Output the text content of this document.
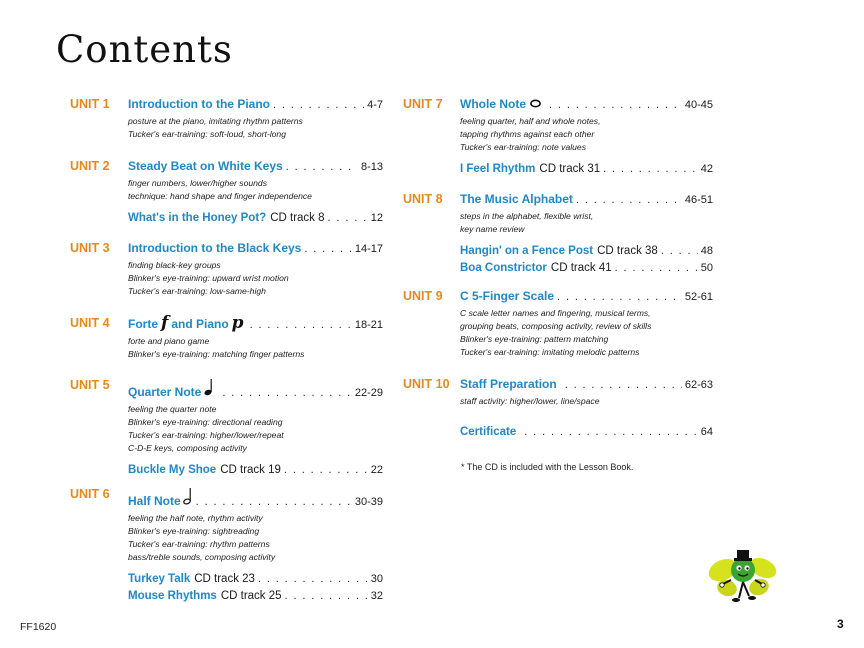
Contents
UNIT 1 Introduction to the Piano . . .	4-7
posture at the piano, imitating rhythm patterns
Tucker's ear-training: soft-loud, short-long
UNIT 2 Steady Beat on White Keys . . .	8-13
finger numbers, lower/higher sounds
technique: hand shape and finger independence
What's in the Honey Pot? CD track 8 . . .	12
UNIT 3 Introduction to the Black Keys . . .	14-17
finding black-key groups
Blinker's eye-training: upward wrist motion
Tucker's ear-training: low-same-high
UNIT 4 Forte f and Piano p . . .	18-21
forte and piano game
Blinker's eye-training: matching finger patterns
UNIT 5 Quarter Note . . .	22-29
feeling the quarter note
Blinker's eye-training: directional reading
Tucker's ear-training: higher/lower/repeat
C-D-E keys, composing activity
Buckle My Shoe CD track 19 . . .	22
UNIT 6 Half Note . . .	30-39
feeling the half note, rhythm activity
Blinker's eye-training: sightreading
Tucker's ear-training: rhythm patterns
bass/treble sounds, composing activity
Turkey Talk CD track 23 . . .	30
Mouse Rhythms CD track 25 . . .	32
UNIT 7 Whole Note . . .	40-45
feeling quarter, half and whole notes,
tapping rhythms against each other
Tucker's ear-training: note values
I Feel Rhythm CD track 31 . . .	42
UNIT 8 The Music Alphabet . . .	46-51
steps in the alphabet, flexible wrist,
key name review
Hangin' on a Fence Post CD track 38 . . .	48
Boa Constrictor CD track 41 . . .	50
UNIT 9 C 5-Finger Scale . . .	52-61
C scale letter names and fingering, musical terms,
grouping beats, composing activity, review of skills
Blinker's eye-training: pattern matching
Tucker's ear-training: imitating melodic patterns
UNIT 10 Staff Preparation . . .	62-63
staff activity: higher/lower, line/space
Certificate . . .	64
* The CD is included with the Lesson Book.
FF1620	3
